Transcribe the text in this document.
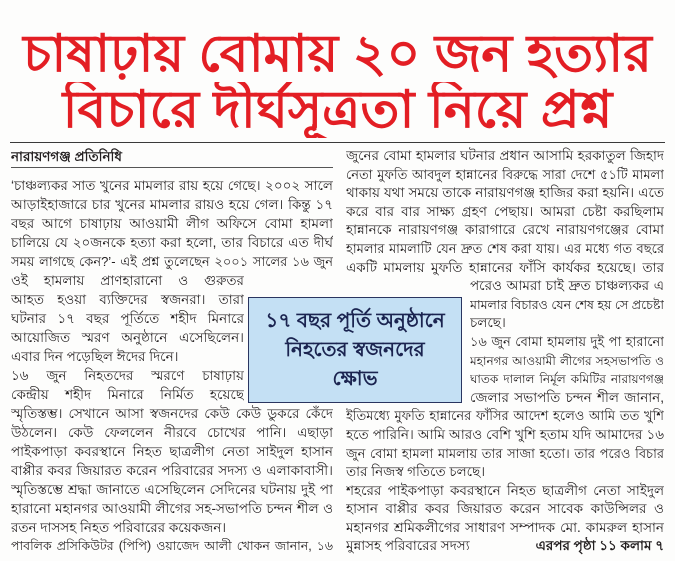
চাষাঢ়ায় বোমায় ২০ জন হত্যার
বিচারে দীর্ঘসূত্রতা নিয়ে প্রশ্ন
নারায়ণগঞ্জ প্রতিনিধি
‘চাঞ্চল্যকর সাত খুনের মামলার রায় হয়ে গেছে। ২০০২ সালে
আড়াইহাজারে চার খুনের মামলার রায়ও হয়ে গেল। কিন্তু ১৭
বছর আগে চাষাঢ়ায় আওয়ামী লীগ অফিসে বোমা হামলা
চালিয়ে যে ২০জনকে হত্যা করা হলো, তার বিচারে এত দীর্ঘ
সময় লাগছে কেন?’- এই প্রশ্ন তুলেছেন ২০০১ সালের ১৬ জুন
ওই হামলায় প্রাণহারানো ও গুরুতর
আহত হওয়া ব্যক্তিদের স্বজনরা। তারা
ঘটনার ১৭ বছর পূর্তিতে শহীদ মিনারে
আয়োজিত স্মরণ অনুষ্ঠানে এসেছিলেন।
এবার দিন পড়েছিল ঈদের দিনে।
১৬ জুন নিহতদের স্মরণে চাষাঢ়ায়
কেন্দ্রীয় শহীদ মিনারে নির্মিত হয়েছে
স্মৃতিস্তম্ভ। সেখানে আসা স্বজনদের কেউ কেউ ডুকরে কেঁদে
উঠলেন। কেউ ফেললেন নীরবে চোখের পানি। এছাড়া
পাইকপাড়া কবরস্থানে নিহত ছাত্রলীগ নেতা সাইদুল হাসান
বাপ্পীর কবর জিয়ারত করেন পরিবারের সদস্য ও এলাকাবাসী।
স্মৃতিস্তম্ভে শ্রদ্ধা জানাতে এসেছিলেন সেদিনের ঘটনায় দুই পা
হারানো মহানগর আওয়ামী লীগের সহ-সভাপতি চন্দন শীল ও
রতন দাসসহ নিহত পরিবারের কয়েকজন।
পাবলিক প্রসিকিউটর (পিপি) ওয়াজেদ আলী খোকন জানান, ১৬
জুনের বোমা হামলার ঘটনার প্রধান আসামি হরকাতুল জিহাদ
নেতা মুফতি আবদুল হান্নানের বিরুদ্ধে সারা দেশে ৫১টি মামলা
থাকায় যথা সময়ে তাকে নারায়ণগঞ্জ হাজির করা হয়নি। এতে
করে বার বার সাক্ষ্য গ্রহণ পেছায়। আমরা চেষ্টা করছিলাম
হান্নানকে নারায়ণগঞ্জ কারাগারে রেখে নারায়ণগঞ্জের বোমা
হামলার মামলাটি যেন দ্রুত শেষ করা যায়। এর মধ্যে গত বছরে
একটি মামলায় মুফতি হান্নানের ফাঁসি কার্যকর হয়েছে। তার
পরেও আমরা চাই দ্রুত চাঞ্চল্যকর এ
মামলার বিচারও যেন শেষ হয় সে প্রচেষ্টা
চলছে।
১৬ জুন বোমা হামলায় দুই পা হারানো
মহানগর আওয়ামী লীগের সহসভাপতি ও
ঘাতক দালাল নির্মূল কমিটির নারায়ণগঞ্জ
জেলার সভাপতি চন্দন শীল জানান,
ইতিমধ্যে মুফতি হান্নানের ফাঁসির আদেশ হলেও আমি তত খুশি
হতে পারিনি। আমি আরও বেশি খুশি হতাম যদি আমাদের ১৬
জুন বোমা হামলা মামলায় তার সাজা হতো। তার পরেও বিচার
তার নিজস্ব গতিতে চলছে।
শহরের পাইকপাড়া কবরস্থানে নিহত ছাত্রলীগ নেতা সাইদুল
হাসান বাপ্পীর কবর জিয়ারত করেন সাবেক কাউন্সিলর ও
মহানগর শ্রমিকলীগের সাধারণ সম্পাদক মো. কামরুল হাসান
মুন্নাসহ পরিবারের সদস্য	এরপর পৃষ্ঠা ১১ কলাম ৭
১৭ বছর পূর্তি অনুষ্ঠানে
নিহতের স্বজনদের
ক্ষোভ
